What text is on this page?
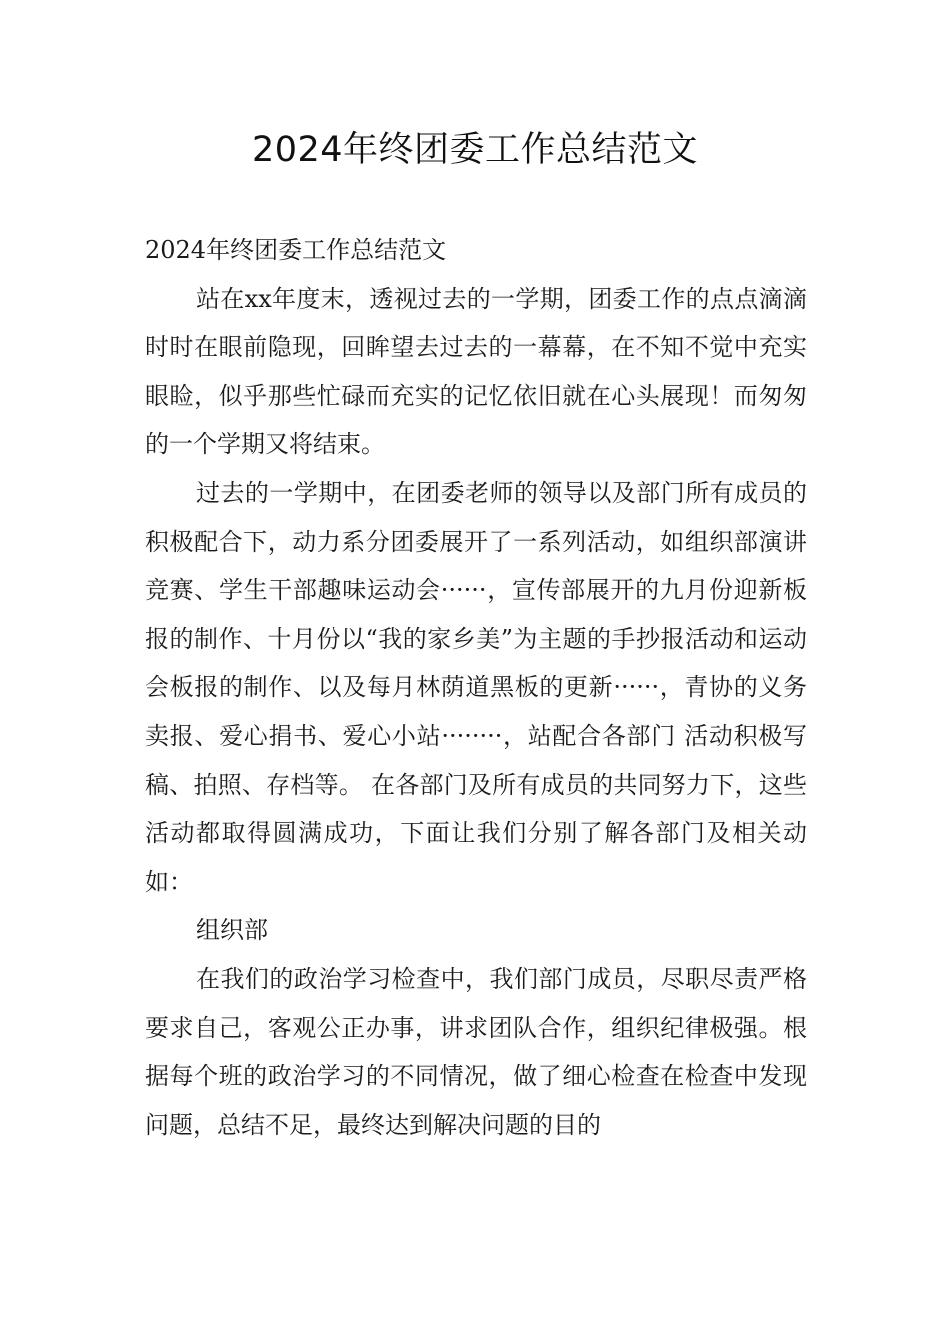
2024年终团委工作总结范文

2024年终团委工作总结范文

站在xx年度末，透视过去的一学期，团委工作的点点滴滴时时在眼前隐现，回眸望去过去的一幕幕，在不知不觉中充实眼睑，似乎那些忙碌而充实的记忆依旧就在心头展现！而匆匆的一个学期又将结束。

过去的一学期中，在团委老师的领导以及部门所有成员的积极配合下，动力系分团委展开了一系列活动，如组织部演讲竞赛、学生干部趣味运动会······，宣传部展开的九月份迎新板报的制作、十月份以“我的家乡美”为主题的手抄报活动和运动会板报的制作、以及每月林荫道黑板的更新······，青协的义务卖报、爱心捐书、爱心小站········，站配合各部门 活动积极写稿、拍照、存档等。 在各部门及所有成员的共同努力下，这些活动都取得圆满成功，下面让我们分别了解各部门及相关动如：

组织部

在我们的政治学习检查中，我们部门成员，尽职尽责严格要求自己，客观公正办事，讲求团队合作，组织纪律极强。根据每个班的政治学习的不同情况，做了细心检查在检查中发现问题，总结不足，最终达到解决问题的目的
